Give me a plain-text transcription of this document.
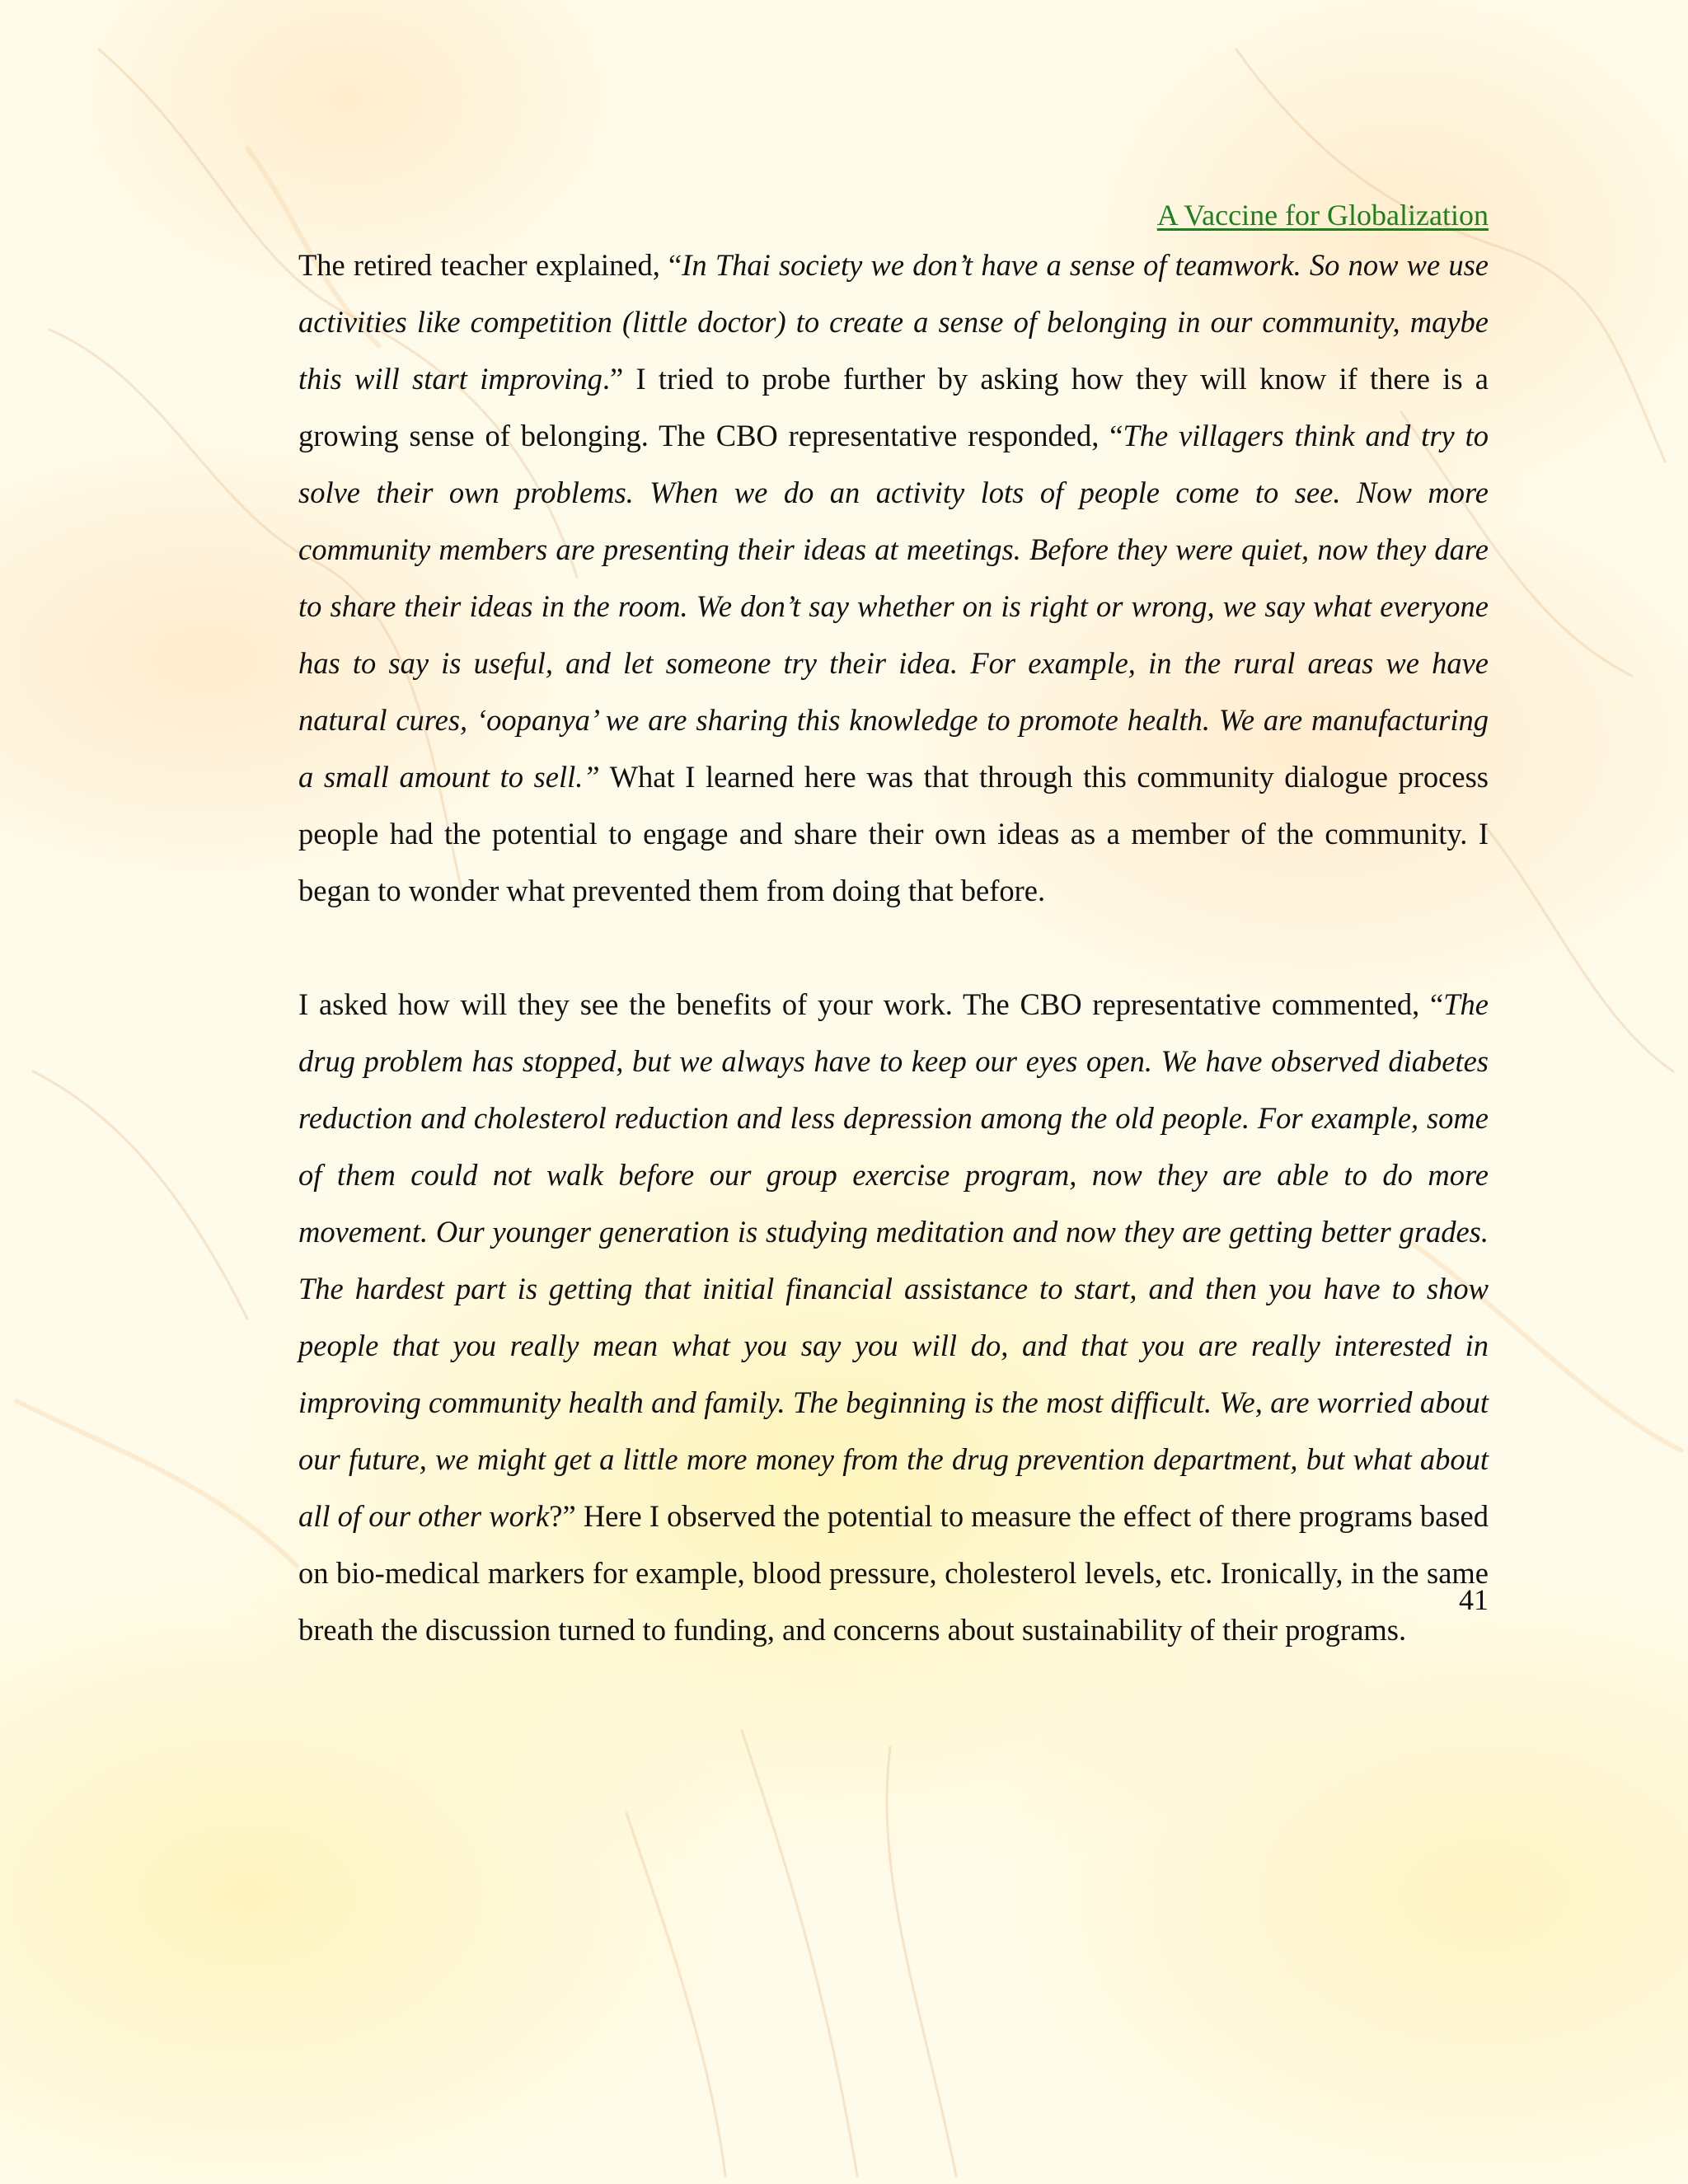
A Vaccine for Globalization

The retired teacher explained, “In Thai society we don’t have a sense of teamwork. So now we use activities like competition (little doctor) to create a sense of belonging in our community, maybe this will start improving.” I tried to probe further by asking how they will know if there is a growing sense of belonging. The CBO representative responded, “The villagers think and try to solve their own problems. When we do an activity lots of people come to see. Now more community members are presenting their ideas at meetings. Before they were quiet, now they dare to share their ideas in the room. We don’t say whether on is right or wrong, we say what everyone has to say is useful, and let someone try their idea. For example, in the rural areas we have natural cures, ‘oopanya’ we are sharing this knowledge to promote health. We are manufacturing a small amount to sell.” What I learned here was that through this community dialogue process people had the potential to engage and share their own ideas as a member of the community. I began to wonder what prevented them from doing that before.

I asked how will they see the benefits of your work. The CBO representative commented, “The drug problem has stopped, but we always have to keep our eyes open. We have observed diabetes reduction and cholesterol reduction and less depression among the old people. For example, some of them could not walk before our group exercise program, now they are able to do more movement. Our younger generation is studying meditation and now they are getting better grades. The hardest part is getting that initial financial assistance to start, and then you have to show people that you really mean what you say you will do, and that you are really interested in improving community health and family. The beginning is the most difficult. We, are worried about our future, we might get a little more money from the drug prevention department, but what about all of our other work?” Here I observed the potential to measure the effect of there programs based on bio-medical markers for example, blood pressure, cholesterol levels, etc. Ironically, in the same breath the discussion turned to funding, and concerns about sustainability of their programs.

41
